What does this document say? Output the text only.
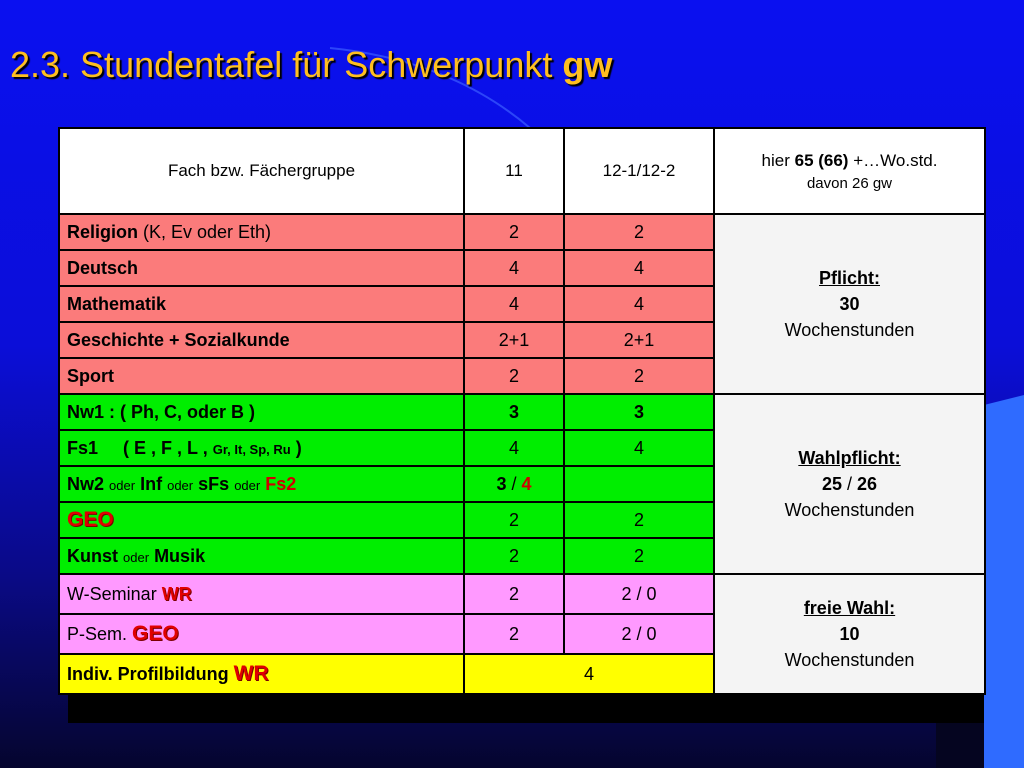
2.3. Stundentafel für Schwerpunkt gw
Fach bzw. Fächergruppe	11	12-1/12-2	hier 65 (66) +…Wo.std.
davon 26 gw

Religion (K, Ev oder Eth)	2	2	Pflicht:
30
Wochenstunden
Deutsch	4	4	
Mathematik	4	4	
Geschichte + Sozialkunde	2+1	2+1	
Sport	2	2	
Nw1 : ( Ph, C, oder B )	3	3	Wahlpflicht:
25 / 26
Wochenstunden
Fs1     ( E , F , L , Gr, It, Sp, Ru )	4	4	
Nw2 oder Inf oder sFs oder Fs2	3 / 4		
GEO	2	2	
Kunst oder Musik	2	2	
W-Seminar WR	2	2 / 0	freie Wahl:
10
Wochenstunden
P-Sem. GEO	2	2 / 0	
Indiv. Profilbildung WR	4		
